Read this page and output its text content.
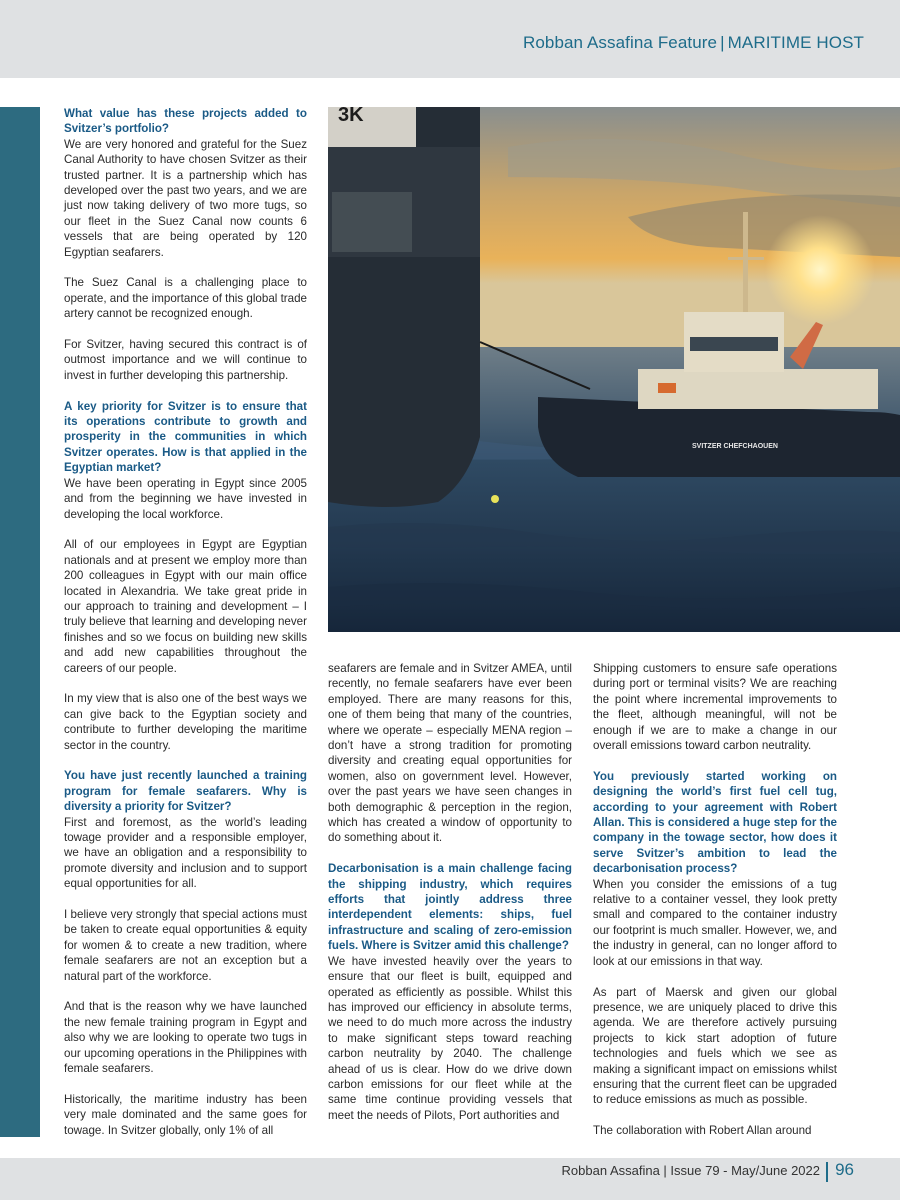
Robban Assafina Feature | MARITIME HOST

What value has these projects added to Svitzer’s portfolio?

We are very honored and grateful for the Suez Canal Authority to have chosen Svitzer as their trusted partner. It is a partnership which has developed over the past two years, and we are just now taking delivery of two more tugs, so our fleet in the Suez Canal now counts 6 vessels that are being operated by 120 Egyptian seafarers.

The Suez Canal is a challenging place to operate, and the importance of this global trade artery cannot be recognized enough.

For Svitzer, having secured this contract is of outmost importance and we will continue to invest in further developing this partnership.

A key priority for Svitzer is to ensure that its operations contribute to growth and prosperity in the communities in which Svitzer operates. How is that applied in the Egyptian market?

We have been operating in Egypt since 2005 and from the beginning we have invested in developing the local workforce.

All of our employees in Egypt are Egyptian nationals and at present we employ more than 200 colleagues in Egypt with our main office located in Alexandria. We take great pride in our approach to training and development – I truly believe that learning and developing never finishes and so we focus on building new skills and add new capabilities throughout the careers of our people.

In my view that is also one of the best ways we can give back to the Egyptian society and contribute to further developing the maritime sector in the country.

You have just recently launched a training program for female seafarers. Why is diversity a priority for Svitzer?

First and foremost, as the world’s leading towage provider and a responsible employer, we have an obligation and a responsibility to promote diversity and inclusion and to support equal opportunities for all.

I believe very strongly that special actions must be taken to create equal opportunities & equity for women & to create a new tradition, where female seafarers are not an exception but a natural part of the workforce.

And that is the reason why we have launched the new female training program in Egypt and also why we are looking to operate two tugs in our upcoming operations in the Philippines with female seafarers.

Historically, the maritime industry has been very male dominated and the same goes for towage. In Svitzer globally, only 1% of all

3K
SVITZER CHEFCHAOUEN

seafarers are female and in Svitzer AMEA, until recently, no female seafarers have ever been employed. There are many reasons for this, one of them being that many of the countries, where we operate – especially MENA region – don’t have a strong tradition for promoting diversity and creating equal opportunities for women, also on government level. However, over the past years we have seen changes in both demographic & perception in the region, which has created a window of opportunity to do something about it.

Decarbonisation is a main challenge facing the shipping industry, which requires efforts that jointly address three interdependent elements: ships, fuel infrastructure and scaling of zero-emission fuels. Where is Svitzer amid this challenge?

We have invested heavily over the years to ensure that our fleet is built, equipped and operated as efficiently as possible. Whilst this has improved our efficiency in absolute terms, we need to do much more across the industry to make significant steps toward reaching carbon neutrality by 2040. The challenge ahead of us is clear. How do we drive down carbon emissions for our fleet while at the same time continue providing vessels that meet the needs of Pilots, Port authorities and

Shipping customers to ensure safe operations during port or terminal visits? We are reaching the point where incremental improvements to the fleet, although meaningful, will not be enough if we are to make a change in our overall emissions toward carbon neutrality.

You previously started working on designing the world’s first fuel cell tug, according to your agreement with Robert Allan. This is considered a huge step for the company in the towage sector, how does it serve Svitzer’s ambition to lead the decarbonisation process?

When you consider the emissions of a tug relative to a container vessel, they look pretty small and compared to the container industry our footprint is much smaller. However, we, and the industry in general, can no longer afford to look at our emissions in that way.

As part of Maersk and given our global presence, we are uniquely placed to drive this agenda. We are therefore actively pursuing projects to kick start adoption of future technologies and fuels which we see as making a significant impact on emissions whilst ensuring that the current fleet can be upgraded to reduce emissions as much as possible.

The collaboration with Robert Allan around

Robban Assafina | Issue 79 - May/June 2022 96
